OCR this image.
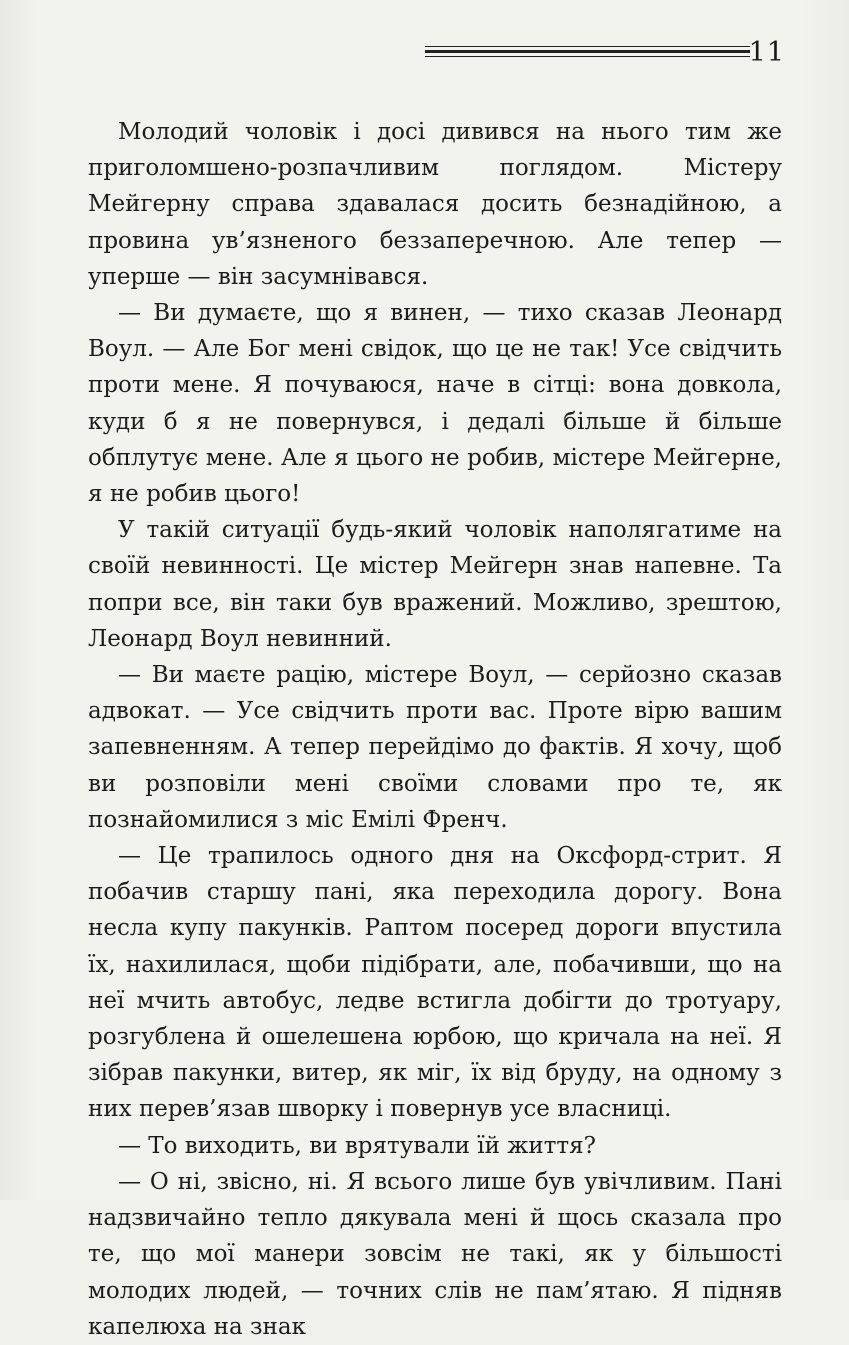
11

Молодий чоловік і досі дивився на нього тим же приголомшено-розпачливим поглядом. Містеру Мейгерну справа здавалася досить безнадійною, а провина ув’язненого беззаперечною. Але тепер — уперше — він засумнівався.

— Ви думаєте, що я винен, — тихо сказав Леонард Воул. — Але Бог мені свідок, що це не так! Усе свідчить проти мене. Я почуваюся, наче в сітці: вона довкола, куди б я не повернувся, і дедалі більше й більше обплутує мене. Але я цього не робив, містере Мейгерне, я не робив цього!

У такій ситуації будь-який чоловік наполягатиме на своїй невинності. Це містер Мейгерн знав напевне. Та попри все, він таки був вражений. Можливо, зрештою, Леонард Воул невинний.

— Ви маєте рацію, містере Воул, — серйозно сказав адвокат. — Усе свідчить проти вас. Проте вірю вашим запевненням. А тепер перейдімо до фактів. Я хочу, щоб ви розповіли мені своїми словами про те, як познайомилися з міс Емілі Френч.

— Це трапилось одного дня на Оксфорд-стрит. Я побачив старшу пані, яка переходила дорогу. Вона несла купу пакунків. Раптом посеред дороги впустила їх, нахилилася, щоби підібрати, але, побачивши, що на неї мчить автобус, ледве встигла добігти до тротуару, розгублена й ошелешена юрбою, що кричала на неї. Я зібрав пакунки, витер, як міг, їх від бруду, на одному з них перев’язав шворку і повернув усе власниці.

— То виходить, ви врятували їй життя?

— О ні, звісно, ні. Я всього лише був увічливим. Пані надзвичайно тепло дякувала мені й щось сказала про те, що мої манери зовсім не такі, як у більшості молодих людей, — точних слів не пам’ятаю. Я підняв капелюха на знак
